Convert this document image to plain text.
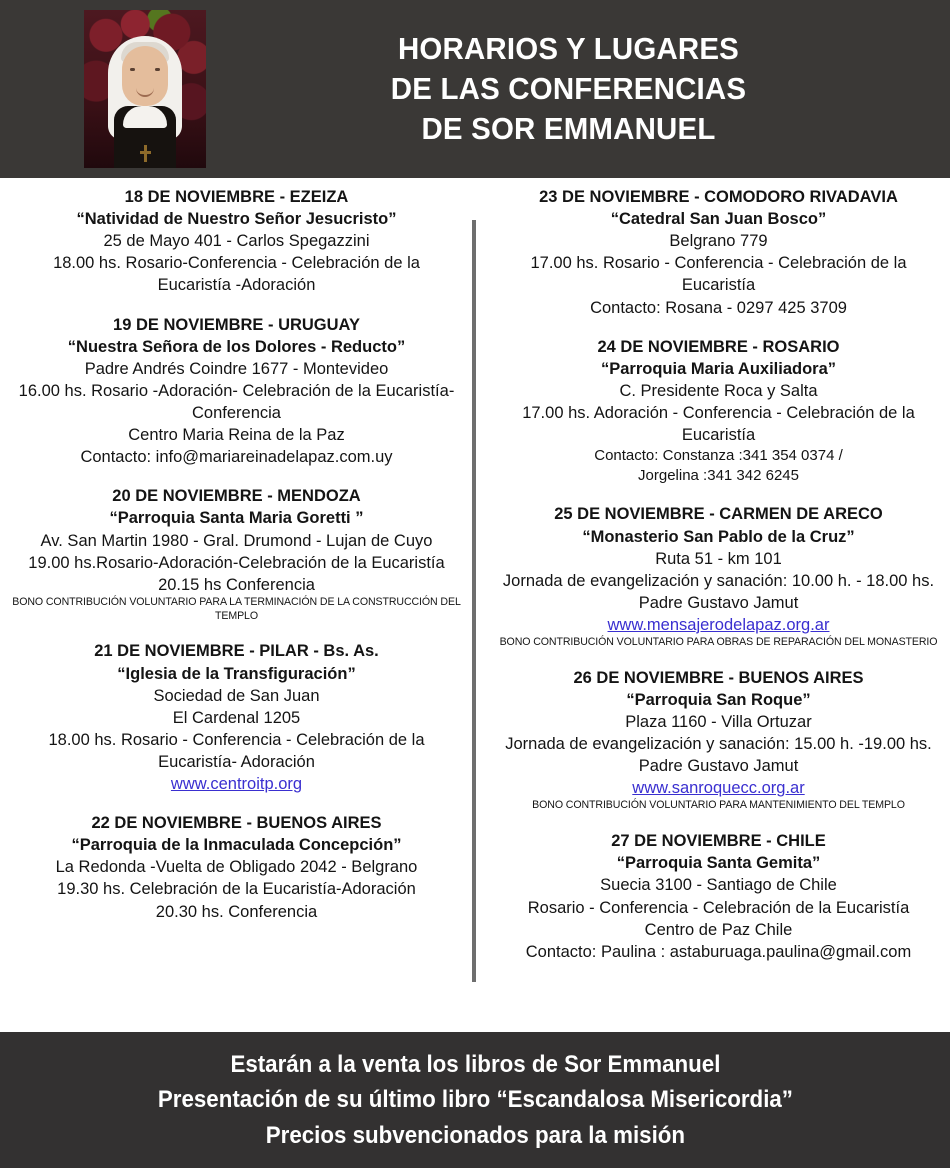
HORARIOS Y LUGARES
DE LAS CONFERENCIAS
DE SOR EMMANUEL
18 DE NOVIEMBRE - EZEIZA
“Natividad de Nuestro Señor Jesucristo”
25 de Mayo 401 - Carlos Spegazzini
18.00 hs. Rosario-Conferencia - Celebración de la
Eucaristía -Adoración
19 DE NOVIEMBRE - URUGUAY
“Nuestra Señora de los Dolores - Reducto”
Padre Andrés Coindre 1677 - Montevideo
16.00 hs. Rosario -Adoración- Celebración de la Eucaristía-
Conferencia
Centro Maria Reina de la Paz
Contacto: info@mariareinadelapaz.com.uy
20 DE NOVIEMBRE - MENDOZA
“Parroquia Santa Maria Goretti ”
Av. San Martin 1980 - Gral. Drumond - Lujan de Cuyo
19.00 hs.Rosario-Adoración-Celebración de la Eucaristía
20.15 hs Conferencia
BONO CONTRIBUCIÓN VOLUNTARIO PARA LA TERMINACIÓN DE LA CONSTRUCCIÓN DEL TEMPLO
21 DE NOVIEMBRE - PILAR - Bs. As.
“Iglesia de la Transfiguración”
Sociedad de San Juan
El Cardenal 1205
18.00 hs. Rosario - Conferencia - Celebración de la
Eucaristía- Adoración
www.centroitp.org
22 DE NOVIEMBRE - BUENOS AIRES
“Parroquia de la Inmaculada Concepción”
La Redonda -Vuelta de Obligado 2042 - Belgrano
19.30 hs. Celebración de la Eucaristía-Adoración
20.30 hs. Conferencia
23 DE NOVIEMBRE - COMODORO RIVADAVIA
“Catedral San Juan Bosco”
Belgrano 779
17.00 hs. Rosario - Conferencia - Celebración de la Eucaristía
Contacto: Rosana - 0297 425 3709
24 DE NOVIEMBRE - ROSARIO
“Parroquia Maria Auxiliadora”
C. Presidente Roca y Salta
17.00 hs. Adoración - Conferencia - Celebración de la
Eucaristía
Contacto: Constanza :341 354 0374 /
Jorgelina :341 342 6245
25 DE NOVIEMBRE - CARMEN DE ARECO
“Monasterio San Pablo de la Cruz”
Ruta 51 - km 101
Jornada de evangelización y sanación: 10.00 h. - 18.00 hs.
Padre Gustavo Jamut
www.mensajerodelapaz.org.ar
BONO CONTRIBUCIÓN VOLUNTARIO PARA OBRAS DE REPARACIÓN DEL MONASTERIO
26 DE NOVIEMBRE - BUENOS AIRES
“Parroquia San Roque”
Plaza 1160 - Villa Ortuzar
Jornada de evangelización y sanación: 15.00 h. -19.00 hs.
Padre Gustavo Jamut
www.sanroquecc.org.ar
BONO CONTRIBUCIÓN VOLUNTARIO PARA MANTENIMIENTO DEL TEMPLO
27 DE NOVIEMBRE - CHILE
“Parroquia Santa Gemita”
Suecia 3100 - Santiago de Chile
Rosario - Conferencia - Celebración de la Eucaristía
Centro de Paz Chile
Contacto: Paulina : astaburuaga.paulina@gmail.com
Estarán a la venta los libros de Sor Emmanuel
Presentación de su último libro “Escandalosa Misericordia”
Precios subvencionados para la misión
